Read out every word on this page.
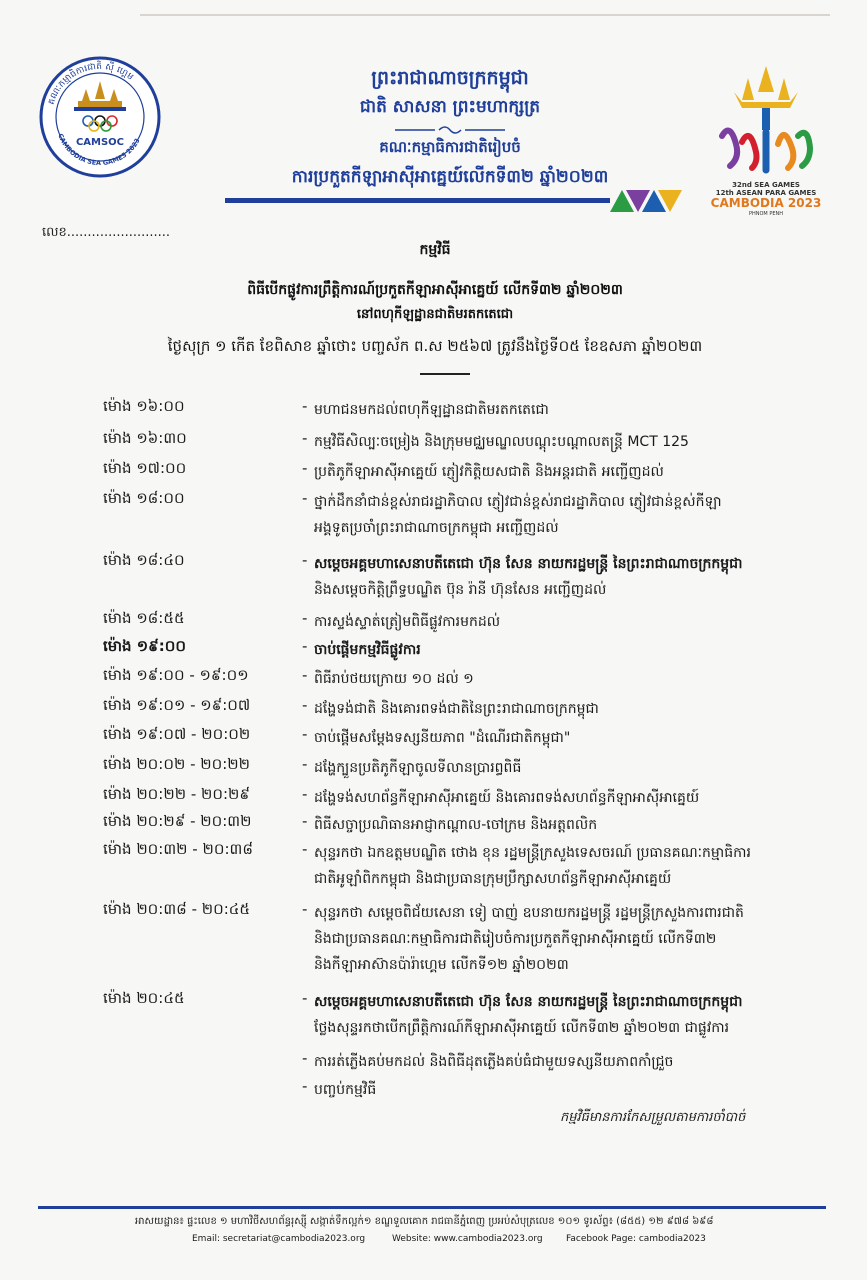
គណៈកម្មាធិការជាតិ ស៊ី ហ្គេម
CAMBODIA SEA GAMES 2023
CAMSOC
32nd SEA GAMES
12th ASEAN PARA GAMES
CAMBODIA 2023
PHNOM PENH
ព្រះរាជាណាចក្រកម្ពុជា
ជាតិ សាសនា ព្រះមហាក្សត្រ
គណៈកម្មាធិការជាតិរៀបចំ
ការប្រកួតកីឡាអាស៊ីអាគ្នេយ៍លើកទី៣២ ឆ្នាំ២០២៣
លេខ.........................
កម្មវិធី
ពិធីបើកផ្លូវការព្រឹត្តិការណ៍ប្រកួតកីឡាអាស៊ីអាគ្នេយ៍ លើកទី៣២ ឆ្នាំ២០២៣
នៅពហុកីឡដ្ឋានជាតិមរតកតេជោ
ថ្ងៃសុក្រ ១ កើត ខែពិសាខ ឆ្នាំថោះ បញ្ចស័ក ព.ស ២៥៦៧ ត្រូវនឹងថ្ងៃទី០៥ ខែឧសភា ឆ្នាំ២០២៣
ម៉ោង ១៦:០០	- មហាជនមកដល់ពហុកីឡដ្ឋានជាតិមរតកតេជោ
ម៉ោង ១៦:៣០	- កម្មវិធីសិល្បៈចម្រៀង និងក្រុមមជ្ឈមណ្ឌលបណ្តុះបណ្តាលតន្ត្រី MCT 125
ម៉ោង ១៧:០០	- ប្រតិភូកីឡាអាស៊ីអាគ្នេយ៍ ភ្ញៀវកិត្តិយសជាតិ និងអន្តរជាតិ អញ្ជើញដល់
ម៉ោង ១៨:០០	- ថ្នាក់ដឹកនាំជាន់ខ្ពស់រាជរដ្ឋាភិបាល ភ្ញៀវជាន់ខ្ពស់រាជរដ្ឋាភិបាល ភ្ញៀវជាន់ខ្ពស់កីឡា
អង្គទូតប្រចាំព្រះរាជាណាចក្រកម្ពុជា អញ្ជើញដល់
ម៉ោង ១៨:៤០	- សម្តេចអគ្គមហាសេនាបតីតេជោ ហ៊ុន សែន នាយករដ្ឋមន្ត្រី នៃព្រះរាជាណាចក្រកម្ពុជា
និងសម្តេចកិត្តិព្រឹទ្ធបណ្ឌិត ប៊ុន រ៉ានី ហ៊ុនសែន អញ្ជើញដល់
ម៉ោង ១៨:៥៥	- ការស្ទង់ស្ទាត់ត្រៀមពិធីផ្លូវការមកដល់
ម៉ោង ១៩:០០	- ចាប់ផ្តើមកម្មវិធីផ្លូវការ
ម៉ោង ១៩:០០ - ១៩:០១	- ពិធីរាប់ថយក្រោយ ១០ ដល់ ១
ម៉ោង ១៩:០១ - ១៩:០៧	- ដង្ហែទង់ជាតិ និងគោរពទង់ជាតិនៃព្រះរាជាណាចក្រកម្ពុជា
ម៉ោង ១៩:០៧ - ២០:០២	- ចាប់ផ្តើមសម្តែងទស្សនីយភាព "ដំណើរជាតិកម្ពុជា"
ម៉ោង ២០:០២ - ២០:២២	- ដង្ហែក្បួនប្រតិភូកីឡាចូលទីលានប្រារព្ធពិធី
ម៉ោង ២០:២២ - ២០:២៩	- ដង្ហែទង់សហព័ន្ធកីឡាអាស៊ីអាគ្នេយ៍ និងគោរពទង់សហព័ន្ធកីឡាអាស៊ីអាគ្នេយ៍
ម៉ោង ២០:២៩ - ២០:៣២	- ពិធីសច្ចាប្រណិធានអាជ្ញាកណ្តាល-ចៅក្រម និងអត្តពលិក
ម៉ោង ២០:៣២ - ២០:៣៨	- សុន្ទរកថា ឯកឧត្តមបណ្ឌិត ថោង ខុន រដ្ឋមន្ត្រីក្រសួងទេសចរណ៍ ប្រធានគណៈកម្មាធិការ
ជាតិអូឡាំពិកកម្ពុជា និងជាប្រធានក្រុមប្រឹក្សាសហព័ន្ធកីឡាអាស៊ីអាគ្នេយ៍
ម៉ោង ២០:៣៨ - ២០:៤៥	- សុន្ទរកថា សម្តេចពិជ័យសេនា ទៀ បាញ់ ឧបនាយករដ្ឋមន្ត្រី រដ្ឋមន្ត្រីក្រសួងការពារជាតិ
និងជាប្រធានគណៈកម្មាធិការជាតិរៀបចំការប្រកួតកីឡាអាស៊ីអាគ្នេយ៍ លើកទី៣២
និងកីឡាអាស៊ានប៉ារ៉ាហ្គេម លើកទី១២ ឆ្នាំ២០២៣
ម៉ោង ២០:៤៥	- សម្តេចអគ្គមហាសេនាបតីតេជោ ហ៊ុន សែន នាយករដ្ឋមន្ត្រី នៃព្រះរាជាណាចក្រកម្ពុជា
ថ្លែងសុន្ទរកថាបើកព្រឹត្តិការណ៍កីឡាអាស៊ីអាគ្នេយ៍ លើកទី៣២ ឆ្នាំ២០២៣ ជាផ្លូវការ
- ការរត់ភ្លើងគប់មកដល់ និងពិធីដុតភ្លើងគប់ធំជាមួយទស្សនីយភាពកាំជ្រួច
- បញ្ចប់កម្មវិធី
កម្មវិធីមានការកែសម្រួលតាមការចាំបាច់
អាសយដ្ឋាន៖ ផ្ទះលេខ ១ មហាវិថីសហព័ន្ធរុស្ស៊ី សង្កាត់ទឹកល្អក់១ ខណ្ឌទួលគោក រាជធានីភ្នំពេញ ប្រអប់សំបុត្រលេខ ១០១ ទូរស័ព្ទ៖ (៨៥៥) ១២ ៩៧៨ ៦៩៨
Email: secretariat@cambodia2023.org	Website: www.cambodia2023.org	Facebook Page: cambodia2023
